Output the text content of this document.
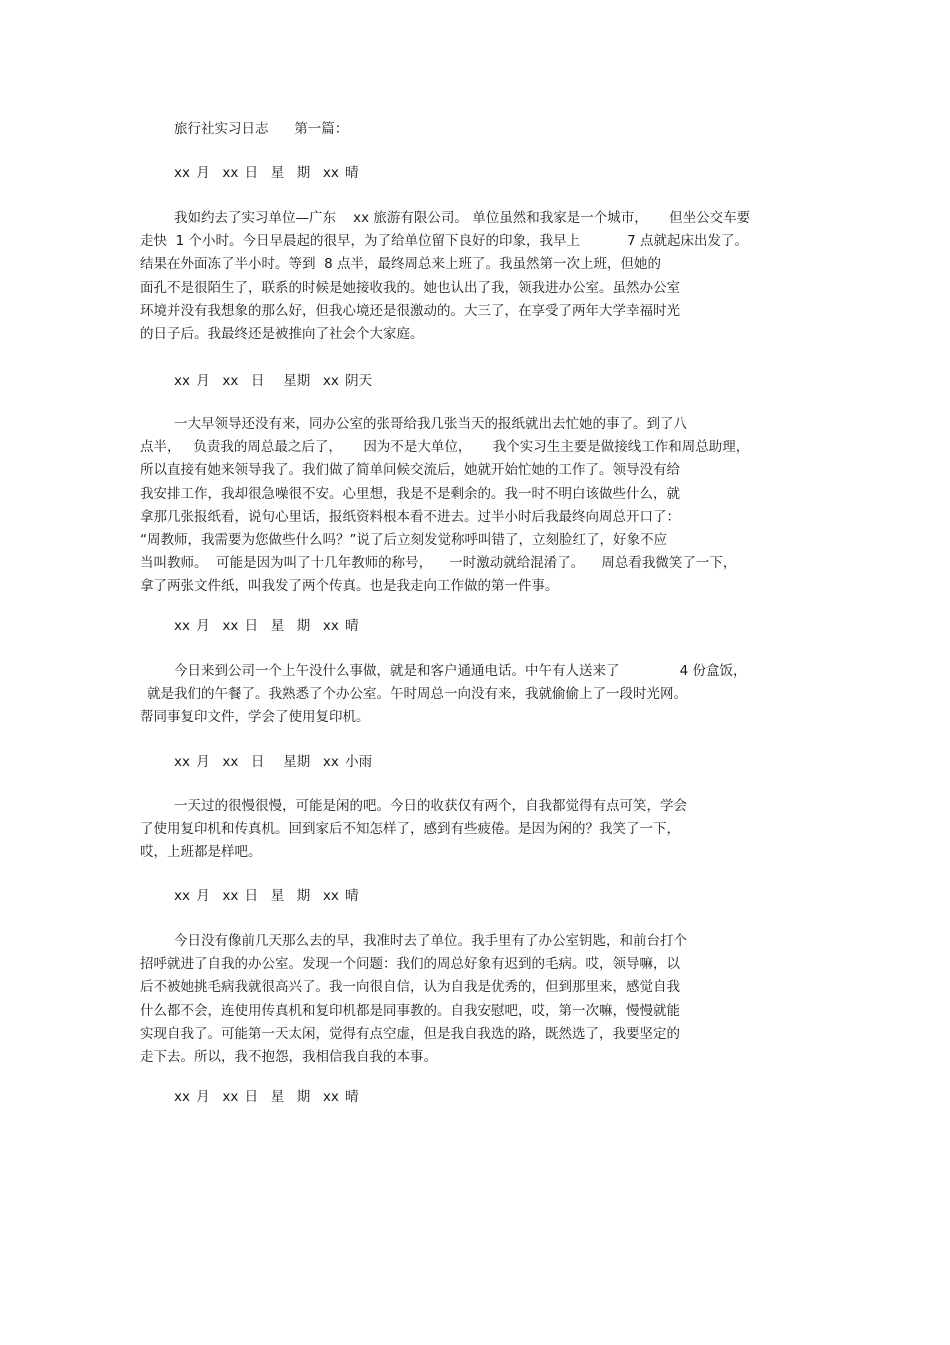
旅行社实习日志      第一篇：
xx 月  xx 日  星  期  xx 晴
我如约去了实习单位—广东    xx 旅游有限公司。 单位虽然和我家是一个城市，     但坐公交车要
走快  1 个小时。今日早晨起的很早，为了给单位留下良好的印象，我早上           7 点就起床出发了。
结果在外面冻了半小时。等到  8 点半，最终周总来上班了。我虽然第一次上班，但她的
面孔不是很陌生了，联系的时候是她接收我的。她也认出了我，领我进办公室。虽然办公室
环境并没有我想象的那么好，但我心境还是很激动的。大三了，在享受了两年大学幸福时光
的日子后。我最终还是被推向了社会个大家庭。
xx 月  xx  日   星期  xx 阴天
一大早领导还没有来，同办公室的张哥给我几张当天的报纸就出去忙她的事了。到了八
点半，   负责我的周总最之后了，     因为不是大单位，     我个实习生主要是做接线工作和周总助理，
所以直接有她来领导我了。我们做了简单问候交流后，她就开始忙她的工作了。领导没有给
我安排工作，我却很急噪很不安。心里想，我是不是剩余的。我一时不明白该做些什么，就
拿那几张报纸看，说句心里话，报纸资料根本看不进去。过半小时后我最终向周总开口了：
“周教师，我需要为您做些什么吗？”说了后立刻发觉称呼叫错了，立刻脸红了，好象不应
当叫教师。  可能是因为叫了十几年教师的称号，    一时激动就给混淆了。    周总看我微笑了一下，
拿了两张文件纸，叫我发了两个传真。也是我走向工作做的第一件事。
xx 月  xx 日  星  期  xx 晴
今日来到公司一个上午没什么事做，就是和客户通通电话。中午有人送来了              4 份盒饭，
就是我们的午餐了。我熟悉了个办公室。午时周总一向没有来，我就偷偷上了一段时光网。
帮同事复印文件，学会了使用复印机。
xx 月  xx  日   星期  xx 小雨
一天过的很慢很慢，可能是闲的吧。今日的收获仅有两个，自我都觉得有点可笑，学会
了使用复印机和传真机。回到家后不知怎样了，感到有些疲倦。是因为闲的？我笑了一下，
哎，上班都是样吧。
xx 月  xx 日  星  期  xx 晴
今日没有像前几天那么去的早，我准时去了单位。我手里有了办公室钥匙，和前台打个
招呼就进了自我的办公室。发现一个问题：我们的周总好象有迟到的毛病。哎，领导嘛，以
后不被她挑毛病我就很高兴了。我一向很自信，认为自我是优秀的，但到那里来，感觉自我
什么都不会，连使用传真机和复印机都是同事教的。自我安慰吧，哎，第一次嘛，慢慢就能
实现自我了。可能第一天太闲，觉得有点空虚，但是我自我选的路，既然选了，我要坚定的
走下去。所以，我不抱怨，我相信我自我的本事。
xx 月  xx 日  星  期  xx 晴
